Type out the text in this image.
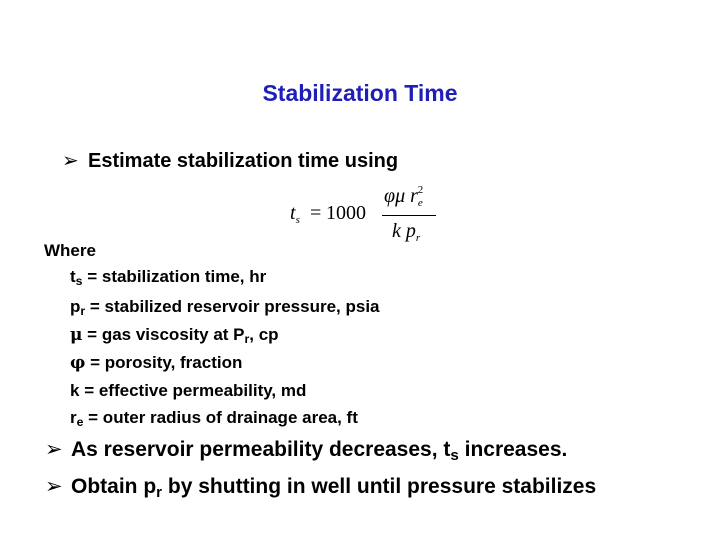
Stabilization Time
➢ Estimate stabilization time using
$t_s = 1000$
φμ $r_e^2$
k $p_r$
Where
$t_s$ = stabilization time, hr
$p_r$ = stabilized reservoir pressure, psia
μ = gas viscosity at $P_r$, cp
φ = porosity, fraction
k = effective permeability, md
$r_e$ = outer radius of drainage area, ft
➢ As reservoir permeability decreases, $t_s$ increases.
➢ Obtain $p_r$ by shutting in well until pressure stabilizes
